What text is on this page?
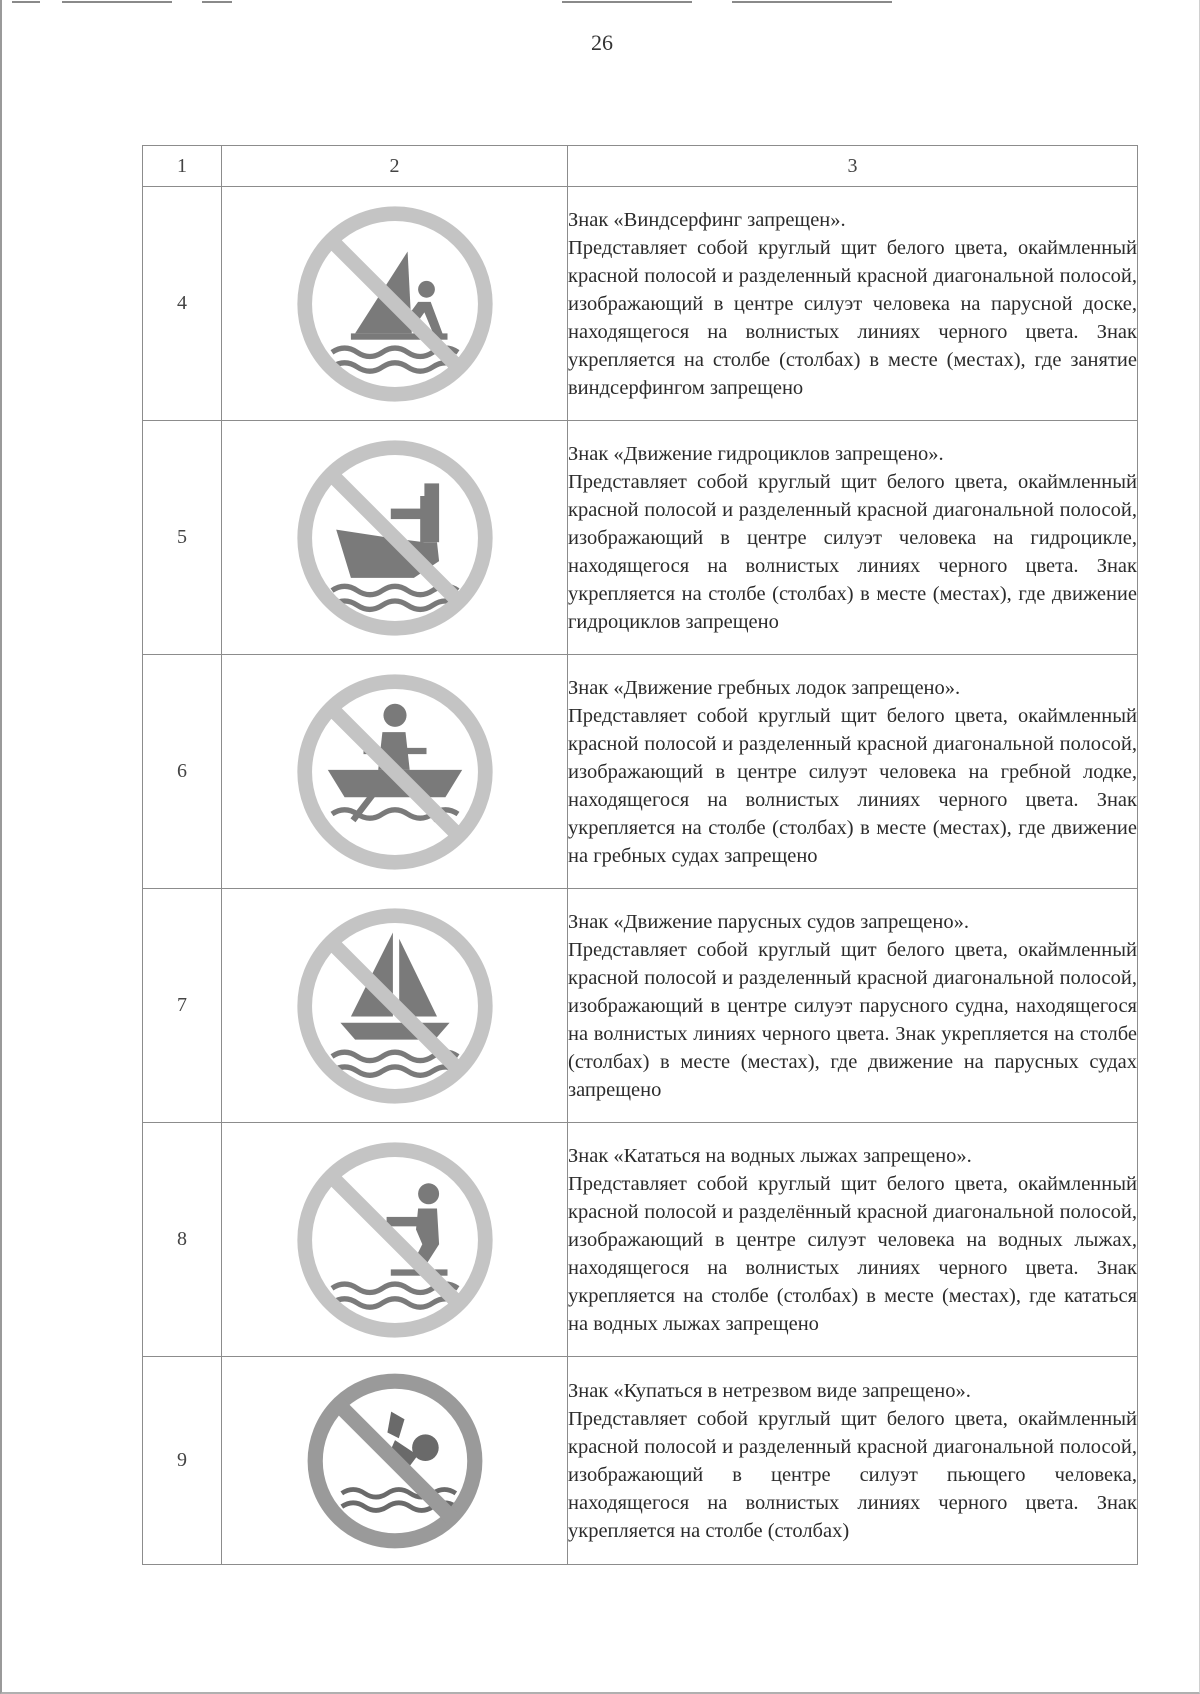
26
1	2	3
4		Знак «Виндсерфинг запрещен».
Представляет собой круглый щит белого цвета, окаймленный красной полосой и разделенный красной диагональной полосой, изображающий в центре силуэт человека на парусной доске, находящегося на волнистых линиях черного цвета. Знак укрепляется на столбе (столбах) в месте (местах), где занятие виндсерфингом запрещено

5		Знак «Движение гидроциклов запрещено».
Представляет собой круглый щит белого цвета, окаймленный красной полосой и разделенный красной диагональной полосой, изображающий в центре силуэт человека на гидроцикле, находящегося на волнистых линиях черного цвета. Знак укрепляется на столбе (столбах) в месте (местах), где движение гидроциклов запрещено

6		Знак «Движение гребных лодок запрещено».
Представляет собой круглый щит белого цвета, окаймленный красной полосой и разделенный красной диагональной полосой, изображающий в центре силуэт человека на гребной лодке, находящегося на волнистых линиях черного цвета. Знак укрепляется на столбе (столбах) в месте (местах), где движение на гребных судах запрещено

7		Знак «Движение парусных судов запрещено».
Представляет собой круглый щит белого цвета, окаймленный красной полосой и разделенный красной диагональной полосой, изображающий в центре силуэт парусного судна, находящегося на волнистых линиях черного цвета. Знак укрепляется на столбе (столбах) в месте (местах), где движение на парусных судах запрещено

8		Знак «Кататься на водных лыжах запрещено».
Представляет собой круглый щит белого цвета, окаймленный красной полосой и разделённый красной диагональной полосой, изображающий в центре силуэт человека на водных лыжах, находящегося на волнистых линиях черного цвета. Знак укрепляется на столбе (столбах) в месте (местах), где кататься на водных лыжах запрещено

9		Знак «Купаться в нетрезвом виде запрещено».
Представляет собой круглый щит белого цвета, окаймленный красной полосой и разделенный красной диагональной полосой, изображающий в центре силуэт пьющего человека, находящегося на волнистых линиях черного цвета. Знак укрепляется на столбе (столбах)
